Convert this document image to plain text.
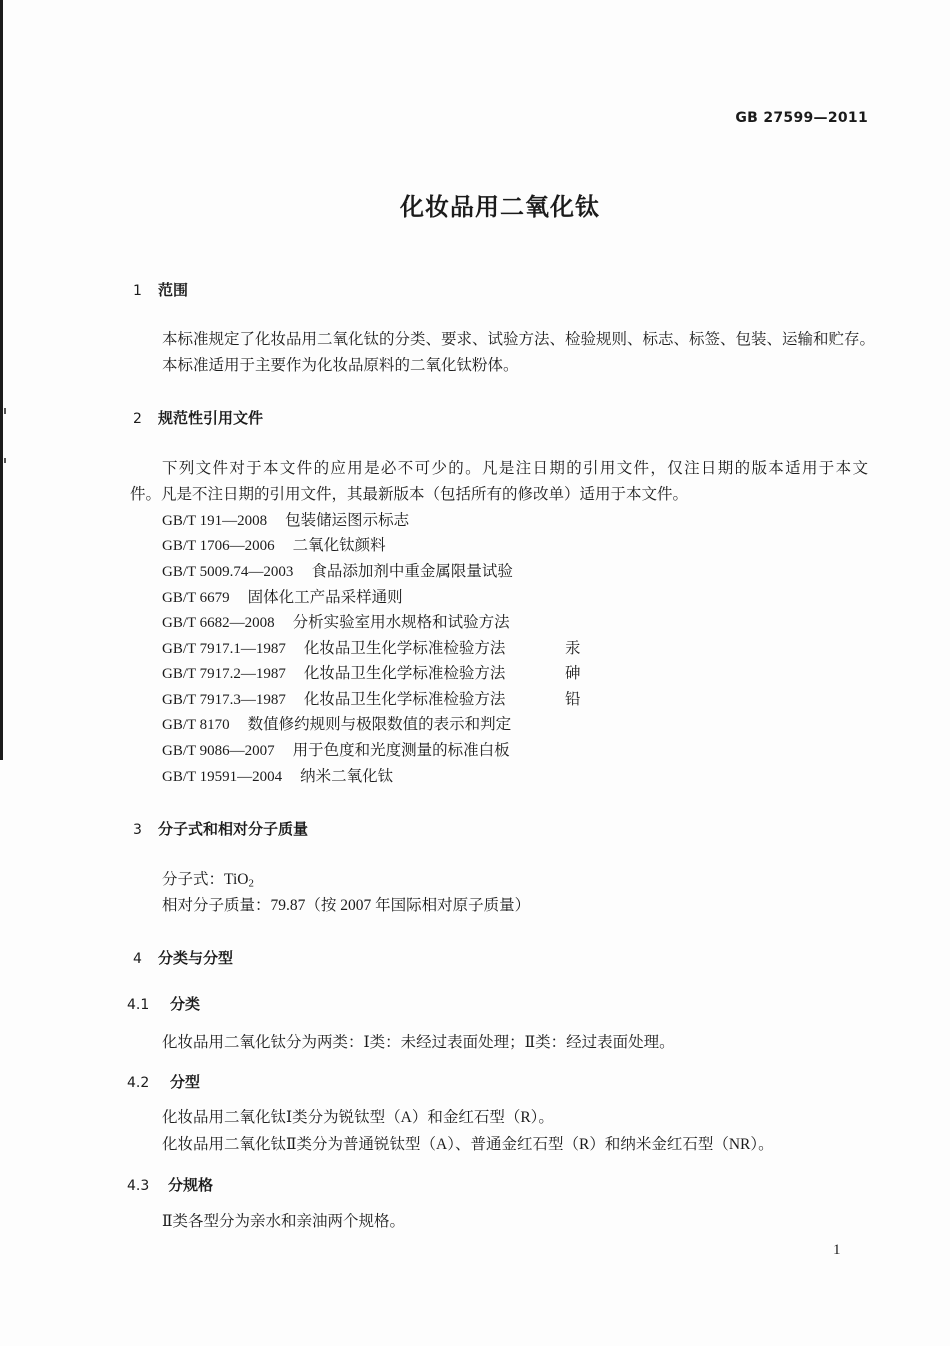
GB 27599—2011
化妆品用二氧化钛
1 范围
本标准规定了化妆品用二氧化钛的分类、要求、试验方法、检验规则、标志、标签、包装、运输和贮存。
本标准适用于主要作为化妆品原料的二氧化钛粉体。
2 规范性引用文件
下列文件对于本文件的应用是必不可少的。凡是注日期的引用文件，仅注日期的版本适用于本文
件。凡是不注日期的引用文件，其最新版本（包括所有的修改单）适用于本文件。
GB/T 191—2008 包装储运图示标志
GB/T 1706—2006 二氧化钛颜料
GB/T 5009.74—2003 食品添加剂中重金属限量试验
GB/T 6679 固体化工产品采样通则
GB/T 6682—2008 分析实验室用水规格和试验方法
GB/T 7917.1—1987 化妆品卫生化学标准检验方法	汞
GB/T 7917.2—1987 化妆品卫生化学标准检验方法	砷
GB/T 7917.3—1987 化妆品卫生化学标准检验方法	铅
GB/T 8170 数值修约规则与极限数值的表示和判定
GB/T 9086—2007 用于色度和光度测量的标准白板
GB/T 19591—2004 纳米二氧化钛
3 分子式和相对分子质量
分子式：TiO$_2$
相对分子质量：79.87（按 2007 年国际相对原子质量）
4 分类与分型
4.1 分类
化妆品用二氧化钛分为两类：Ⅰ类：未经过表面处理；Ⅱ类：经过表面处理。
4.2 分型
化妆品用二氧化钛Ⅰ类分为锐钛型（A）和金红石型（R）。
化妆品用二氧化钛Ⅱ类分为普通锐钛型（A）、普通金红石型（R）和纳米金红石型（NR）。
4.3 分规格
Ⅱ类各型分为亲水和亲油两个规格。
1
